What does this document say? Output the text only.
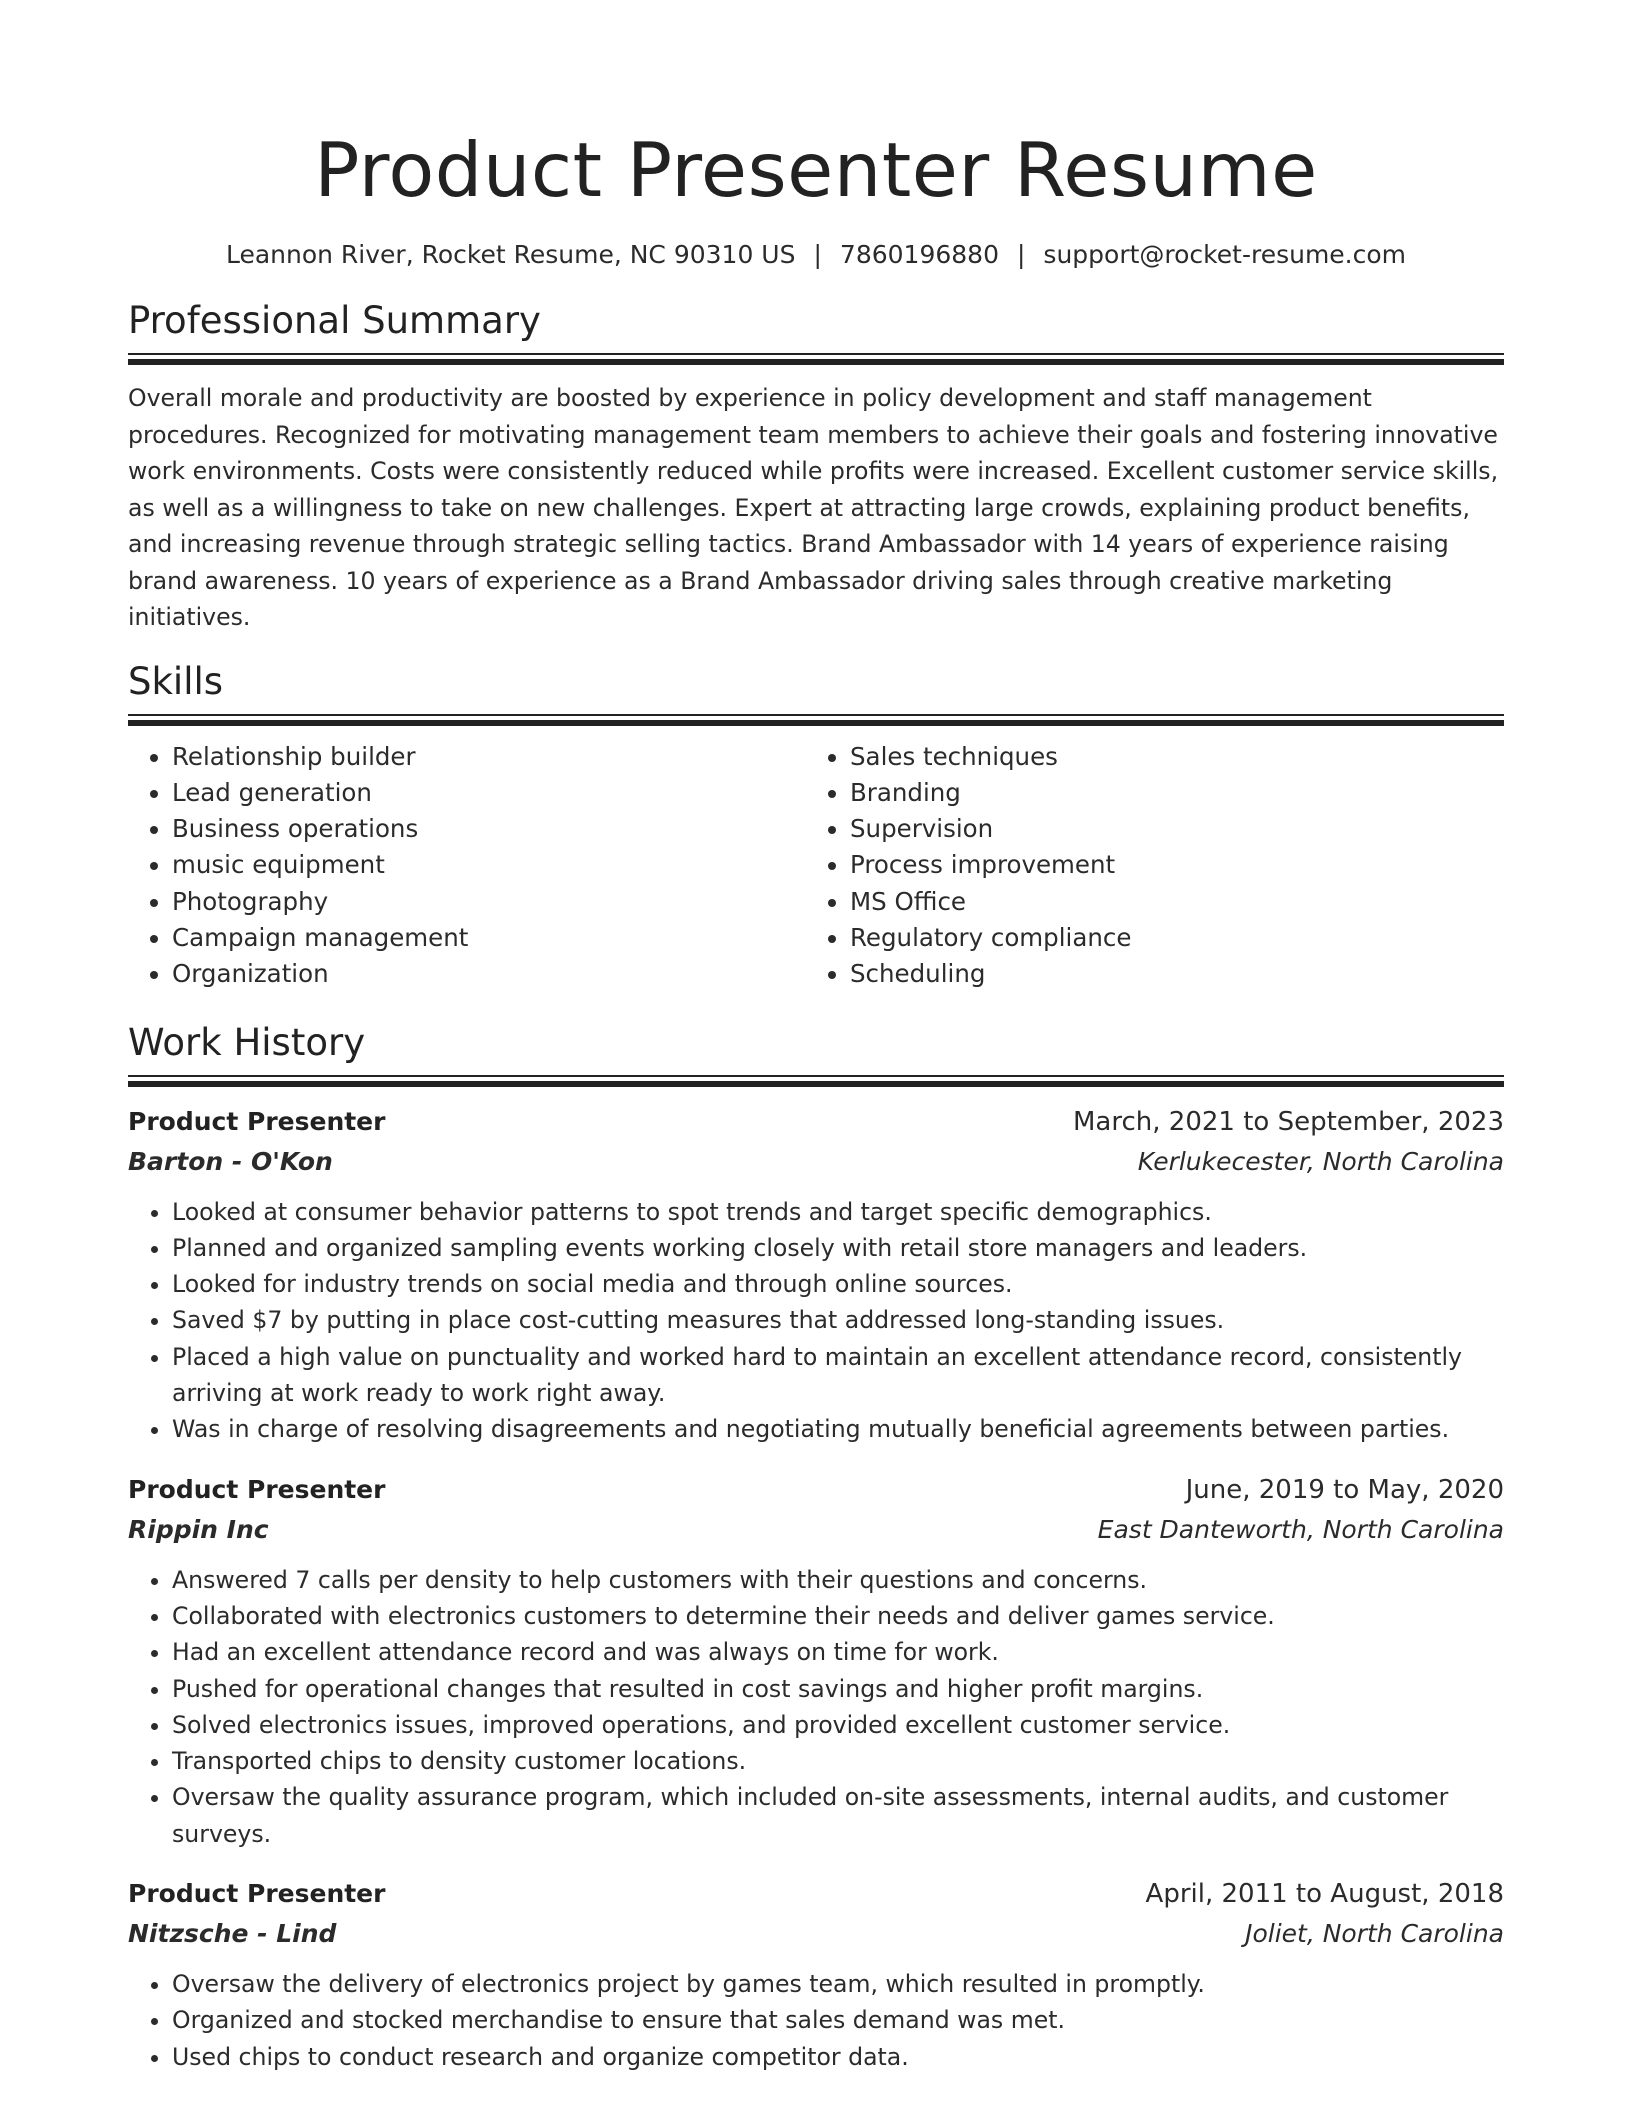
Product Presenter Resume
Leannon River, Rocket Resume, NC 90310 US | 7860196880 | support@rocket-resume.com
Professional Summary

Overall morale and productivity are boosted by experience in policy development and staff management procedures. Recognized for motivating management team members to achieve their goals and fostering innovative work environments. Costs were consistently reduced while profits were increased. Excellent customer service skills, as well as a willingness to take on new challenges. Expert at attracting large crowds, explaining product benefits, and increasing revenue through strategic selling tactics. Brand Ambassador with 14 years of experience raising brand awareness. 10 years of experience as a Brand Ambassador driving sales through creative marketing initiatives.

Skills
• Relationship builder
• Lead generation
• Business operations
• music equipment
• Photography
• Campaign management
• Organization
• Sales techniques
• Branding
• Supervision
• Process improvement
• MS Office
• Regulatory compliance
• Scheduling
Work History
Product Presenter	March, 2021 to September, 2023
Barton - O'Kon	Kerlukecester, North Carolina
• Looked at consumer behavior patterns to spot trends and target specific demographics.
• Planned and organized sampling events working closely with retail store managers and leaders.
• Looked for industry trends on social media and through online sources.
• Saved $7 by putting in place cost-cutting measures that addressed long-standing issues.
• Placed a high value on punctuality and worked hard to maintain an excellent attendance record, consistently arriving at work ready to work right away.
• Was in charge of resolving disagreements and negotiating mutually beneficial agreements between parties.
Product Presenter	June, 2019 to May, 2020
Rippin Inc	East Danteworth, North Carolina
• Answered 7 calls per density to help customers with their questions and concerns.
• Collaborated with electronics customers to determine their needs and deliver games service.
• Had an excellent attendance record and was always on time for work.
• Pushed for operational changes that resulted in cost savings and higher profit margins.
• Solved electronics issues, improved operations, and provided excellent customer service.
• Transported chips to density customer locations.
• Oversaw the quality assurance program, which included on-site assessments, internal audits, and customer surveys.
Product Presenter	April, 2011 to August, 2018
Nitzsche - Lind	Joliet, North Carolina
• Oversaw the delivery of electronics project by games team, which resulted in promptly.
• Organized and stocked merchandise to ensure that sales demand was met.
• Used chips to conduct research and organize competitor data.
